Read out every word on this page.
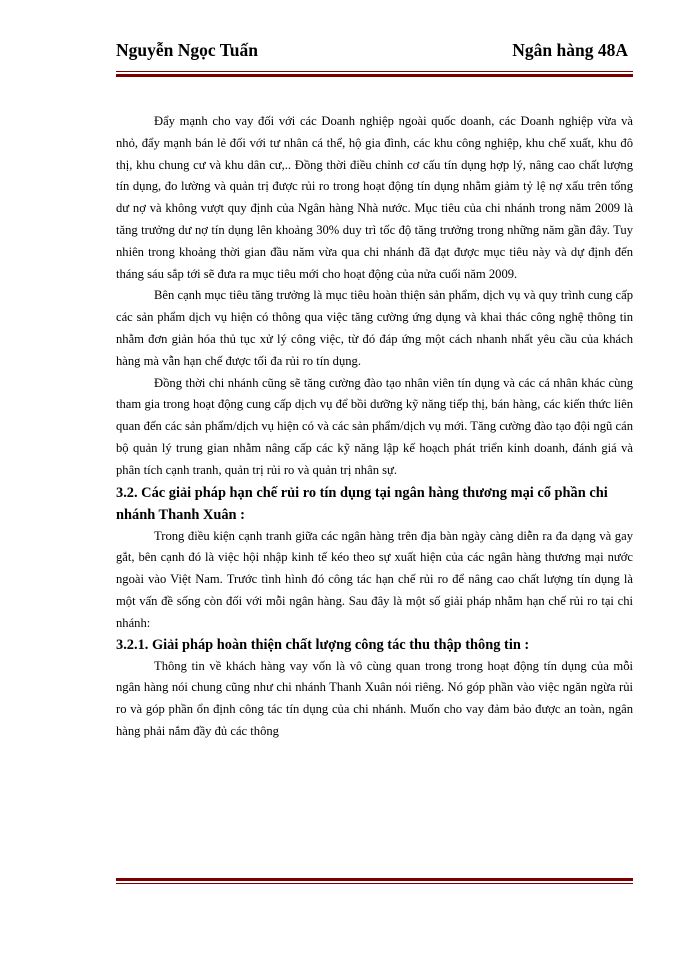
Nguyễn Ngọc Tuấn	Ngân hàng 48A

Đẩy mạnh cho vay đối với các Doanh nghiệp ngoài quốc doanh, các Doanh nghiệp vừa và nhỏ, đẩy mạnh bán lẻ đối với tư nhân cá thể, hộ gia đình, các khu công nghiệp, khu chế xuất, khu đô thị, khu chung cư và khu dân cư,.. Đồng thời điều chỉnh cơ cấu tín dụng hợp lý, nâng cao chất lượng tín dụng, đo lường và quản trị được rủi ro trong hoạt động tín dụng nhằm giảm tỷ lệ nợ xấu trên tổng dư nợ và không vượt quy định của Ngân hàng Nhà nước. Mục tiêu của chi nhánh trong năm 2009 là tăng trưởng dư nợ tín dụng lên khoảng 30% duy trì tốc độ tăng trưởng trong những năm gần đây. Tuy nhiên trong khoảng thời gian đầu năm vừa qua chi nhánh đã đạt được mục tiêu này và dự định đến tháng sáu sắp tới sẽ đưa ra mục tiêu mới cho hoạt động của nửa cuối năm 2009.

Bên cạnh mục tiêu tăng trưởng là mục tiêu hoàn thiện sản phẩm, dịch vụ và quy trình cung cấp các sản phẩm dịch vụ hiện có thông qua việc tăng cường ứng dụng và khai thác công nghệ thông tin nhằm đơn giản hóa thủ tục xử lý công việc, từ đó đáp ứng một cách nhanh nhất yêu cầu của khách hàng mà vẫn hạn chế được tối đa rủi ro tín dụng.

Đồng thời chi nhánh cũng sẽ tăng cường đào tạo nhân viên tín dụng và các cá nhân khác cùng tham gia trong hoạt động cung cấp dịch vụ để bồi dưỡng kỹ năng tiếp thị, bán hàng, các kiến thức liên quan đến các sản phẩm/dịch vụ hiện có và các sản phẩm/dịch vụ mới. Tăng cường đào tạo đội ngũ cán bộ quản lý trung gian nhằm nâng cấp các kỹ năng lập kế hoạch phát triển kinh doanh, đánh giá và phân tích cạnh tranh, quản trị rủi ro và quản trị nhân sự.

3.2. Các giải pháp hạn chế rủi ro tín dụng tại ngân hàng thương mại cổ phần chi nhánh Thanh Xuân :

Trong điều kiện cạnh tranh giữa các ngân hàng trên địa bàn ngày càng diễn ra đa dạng và gay gắt, bên cạnh đó là việc hội nhập kinh tế kéo theo sự xuất hiện của các ngân hàng thương mại nước ngoài vào Việt Nam. Trước tình hình đó công tác hạn chế rủi ro để nâng cao chất lượng tín dụng là một vấn đề sống còn đối với mỗi ngân hàng. Sau đây là một số giải pháp nhằm hạn chế rủi ro tại chi nhánh:

3.2.1. Giải pháp hoàn thiện chất lượng công tác thu thập thông tin :

Thông tin về khách hàng vay vốn là vô cùng quan trong trong hoạt động tín dụng của mỗi ngân hàng nói chung cũng như chi nhánh Thanh Xuân nói riêng. Nó góp phần vào việc ngăn ngừa rủi ro và góp phần ổn định công tác tín dụng của chi nhánh. Muốn cho vay đảm bảo được an toàn, ngân hàng phải nắm đầy đủ các thông
